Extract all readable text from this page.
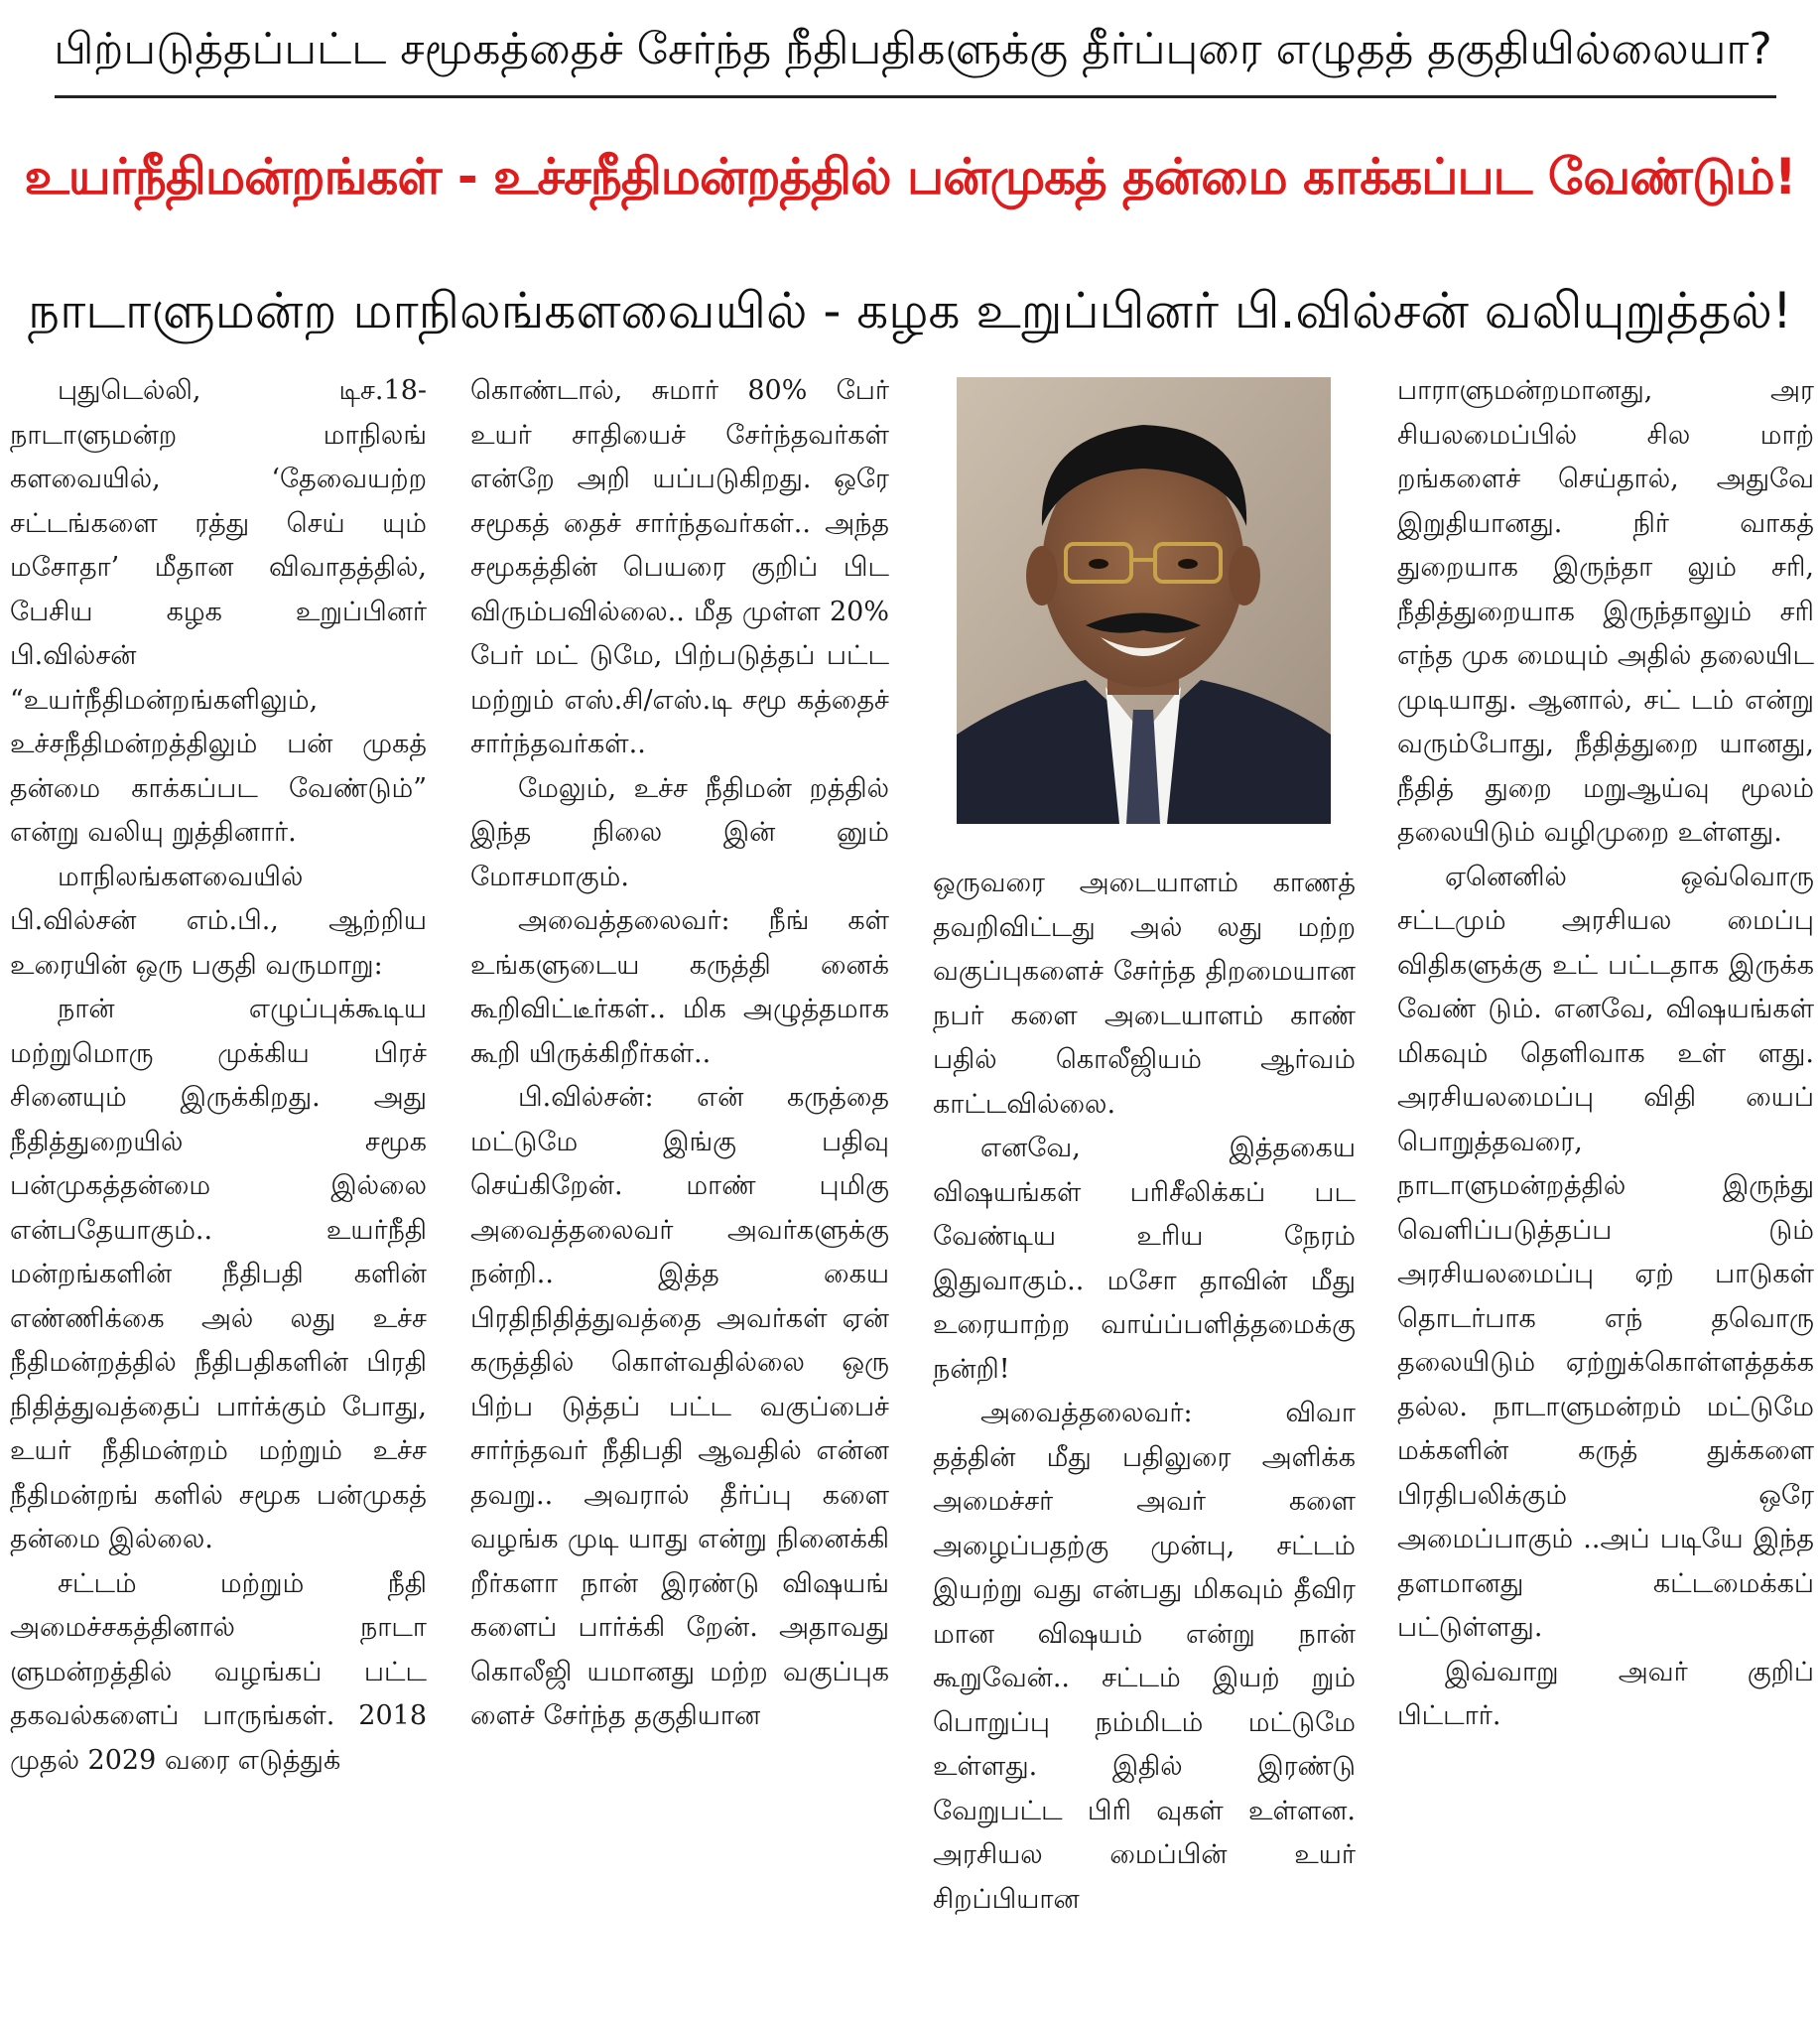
பிற்படுத்தப்பட்ட சமூகத்தைச் சேர்ந்த நீதிபதிகளுக்கு தீர்ப்புரை எழுதத் தகுதியில்லையா?
உயர்நீதிமன்றங்கள் - உச்சநீதிமன்றத்தில் பன்முகத் தன்மை காக்கப்பட வேண்டும்!
நாடாளுமன்ற மாநிலங்களவையில் - கழக உறுப்பினர் பி.வில்சன் வலியுறுத்தல்!

புதுடெல்லி, டிச.18- நாடாளுமன்ற மாநிலங் களவையில், ‘தேவையற்ற சட்டங்களை ரத்து செய் யும் மசோதா’ மீதான விவாதத்தில், பேசிய கழக உறுப்பினர் பி.வில்சன் “உயர்நீதிமன்றங்களிலும், உச்சநீதிமன்றத்திலும் பன் முகத் தன்மை காக்கப்பட வேண்டும்” என்று வலியு றுத்தினார்.

மாநிலங்களவையில் பி.வில்சன் எம்.பி., ஆற்றிய உரையின் ஒரு பகுதி வருமாறு:

நான் எழுப்புக்கூடிய மற்றுமொரு முக்கிய பிரச் சினையும் இருக்கிறது. அது நீதித்துறையில் சமூக பன்முகத்தன்மை இல்லை என்பதேயாகும்.. உயர்நீதி மன்றங்களின் நீதிபதி களின் எண்ணிக்கை அல் லது உச்ச நீதிமன்றத்தில் நீதிபதிகளின் பிரதி நிதித்துவத்தைப் பார்க்கும் போது, உயர் நீதிமன்றம் மற்றும் உச்ச நீதிமன்றங் களில் சமூக பன்முகத் தன்மை இல்லை.

சட்டம் மற்றும் நீதி அமைச்சகத்தினால் நாடா ளுமன்றத்தில் வழங்கப் பட்ட தகவல்களைப் பாருங்கள். 2018 முதல் 2029 வரை எடுத்துக்

கொண்டால், சுமார் 80% பேர் உயர் சாதியைச் சேர்ந்தவர்கள் என்றே அறி யப்படுகிறது. ஒரே சமூகத் தைச் சார்ந்தவர்கள்.. அந்த சமூகத்தின் பெயரை குறிப் பிட விரும்பவில்லை.. மீத முள்ள 20% பேர் மட் டுமே, பிற்படுத்தப் பட்ட மற்றும் எஸ்.சி/எஸ்.டி சமூ கத்தைச் சார்ந்தவர்கள்..

மேலும், உச்ச நீதிமன் றத்தில் இந்த நிலை இன் னும் மோசமாகும்.

அவைத்தலைவர்: நீங் கள் உங்களுடைய கருத்தி னைக் கூறிவிட்டீர்கள்.. மிக அழுத்தமாக கூறி யிருக்கிறீர்கள்..

பி.வில்சன்: என் கருத்தை மட்டுமே இங்கு பதிவு செய்கிறேன். மாண் புமிகு அவைத்தலைவர் அவர்களுக்கு நன்றி.. இத்த கைய பிரதிநிதித்துவத்தை அவர்கள் ஏன் கருத்தில் கொள்வதில்லை ஒரு பிற்ப டுத்தப் பட்ட வகுப்பைச் சார்ந்தவர் நீதிபதி ஆவதில் என்ன தவறு.. அவரால் தீர்ப்பு களை வழங்க முடி யாது என்று நினைக்கி றீர்களா நான் இரண்டு விஷயங் களைப் பார்க்கி றேன். அதாவது கொலீஜி யமானது மற்ற வகுப்புக ளைச் சேர்ந்த தகுதியான

ஒருவரை அடையாளம் காணத் தவறிவிட்டது அல் லது மற்ற வகுப்புகளைச் சேர்ந்த திறமையான நபர் களை அடையாளம் காண் பதில் கொலீஜியம் ஆர்வம் காட்டவில்லை.

எனவே, இத்தகைய விஷயங்கள் பரிசீலிக்கப் பட வேண்டிய உரிய நேரம் இதுவாகும்.. மசோ தாவின் மீது உரையாற்ற வாய்ப்பளித்தமைக்கு நன்றி!

அவைத்தலைவர்: விவா தத்தின் மீது பதிலுரை அளிக்க அமைச்சர் அவர் களை அழைப்பதற்கு முன்பு, சட்டம் இயற்று வது என்பது மிகவும் தீவிர மான விஷயம் என்று நான் கூறுவேன்.. சட்டம் இயற் றும் பொறுப்பு நம்மிடம் மட்டுமே உள்ளது. இதில் இரண்டு வேறுபட்ட பிரி வுகள் உள்ளன. அரசியல மைப்பின் உயர் சிறப்பியான

பாராளுமன்றமானது, அர சியலமைப்பில் சில மாற் றங்களைச் செய்தால், அதுவே இறுதியானது. நிர் வாகத் துறையாக இருந்தா லும் சரி, நீதித்துறையாக இருந்தாலும் சரி எந்த முக மையும் அதில் தலையிட முடியாது. ஆனால், சட் டம் என்று வரும்போது, நீதித்துறை யானது, நீதித் துறை மறுஆய்வு மூலம் தலையிடும் வழிமுறை உள்ளது.

ஏனெனில் ஒவ்வொரு சட்டமும் அரசியல மைப்பு விதிகளுக்கு உட் பட்டதாக இருக்க வேண் டும். எனவே, விஷயங்கள் மிகவும் தெளிவாக உள் ளது. அரசியலமைப்பு விதி யைப் பொறுத்தவரை, நாடாளுமன்றத்தில் இருந்து வெளிப்படுத்தப்ப டும் அரசியலமைப்பு ஏற் பாடுகள் தொடர்பாக எந் தவொரு தலையிடும் ஏற்றுக்கொள்ளத்தக்க தல்ல. நாடாளுமன்றம் மட்டுமே மக்களின் கருத் துக்களை பிரதிபலிக்கும் ஒரே அமைப்பாகும் ..அப் படியே இந்த தளமானது கட்டமைக்கப் பட்டுள்ளது.

இவ்வாறு அவர் குறிப் பிட்டார்.
